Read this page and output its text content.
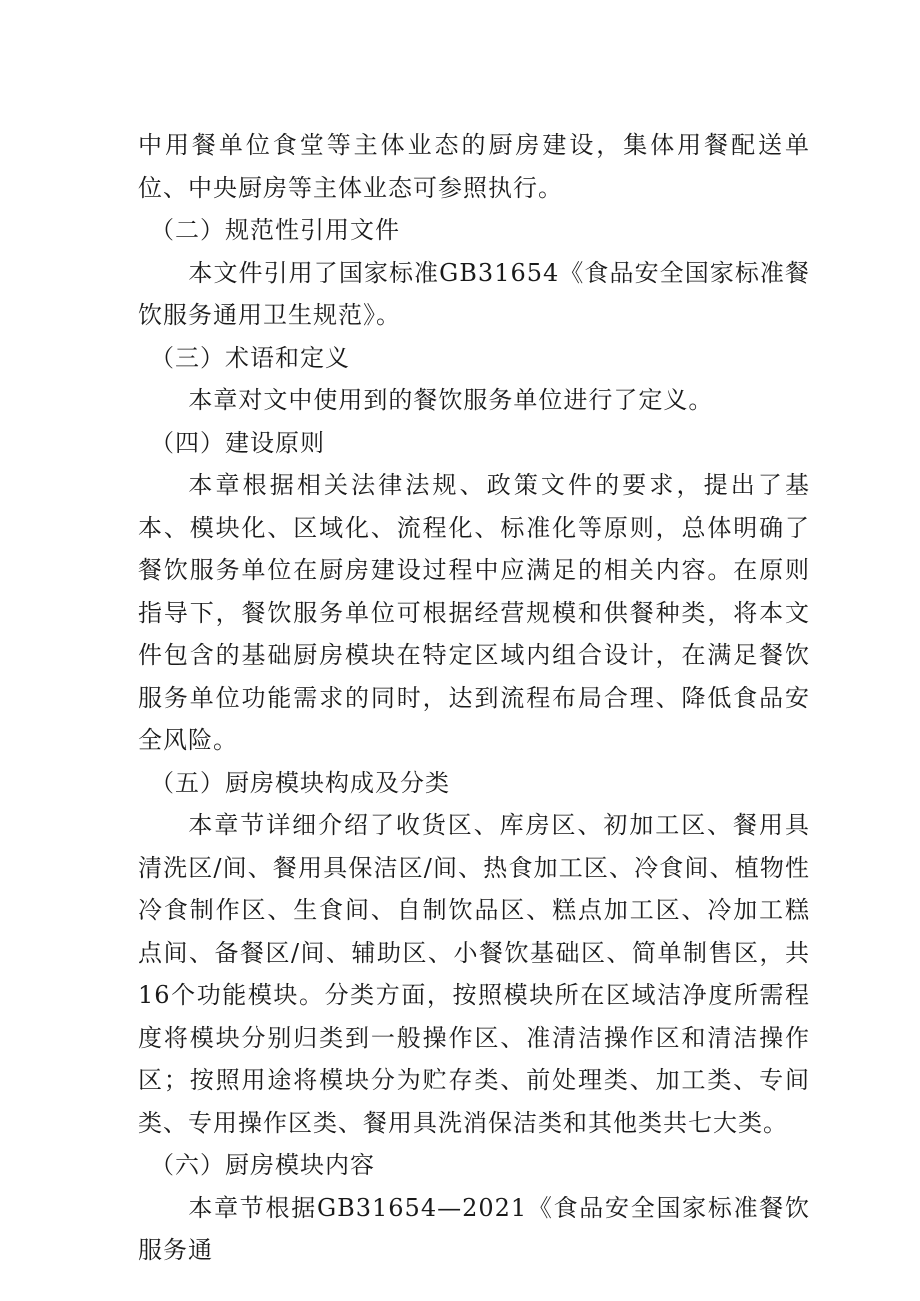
中用餐单位食堂等主体业态的厨房建设，集体用餐配送单位、中央厨房等主体业态可参照执行。

（二）规范性引用文件

本文件引用了国家标准GB31654《食品安全国家标准餐饮服务通用卫生规范》。

（三）术语和定义

本章对文中使用到的餐饮服务单位进行了定义。

（四）建设原则

本章根据相关法律法规、政策文件的要求，提出了基本、模块化、区域化、流程化、标准化等原则，总体明确了餐饮服务单位在厨房建设过程中应满足的相关内容。在原则指导下，餐饮服务单位可根据经营规模和供餐种类，将本文件包含的基础厨房模块在特定区域内组合设计，在满足餐饮服务单位功能需求的同时，达到流程布局合理、降低食品安全风险。

（五）厨房模块构成及分类

本章节详细介绍了收货区、库房区、初加工区、餐用具清洗区/间、餐用具保洁区/间、热食加工区、冷食间、植物性冷食制作区、生食间、自制饮品区、糕点加工区、冷加工糕点间、备餐区/间、辅助区、小餐饮基础区、简单制售区，共16个功能模块。分类方面，按照模块所在区域洁净度所需程度将模块分别归类到一般操作区、准清洁操作区和清洁操作区；按照用途将模块分为贮存类、前处理类、加工类、专间类、专用操作区类、餐用具洗消保洁类和其他类共七大类。

（六）厨房模块内容

本章节根据GB31654—2021《食品安全国家标准餐饮服务通
